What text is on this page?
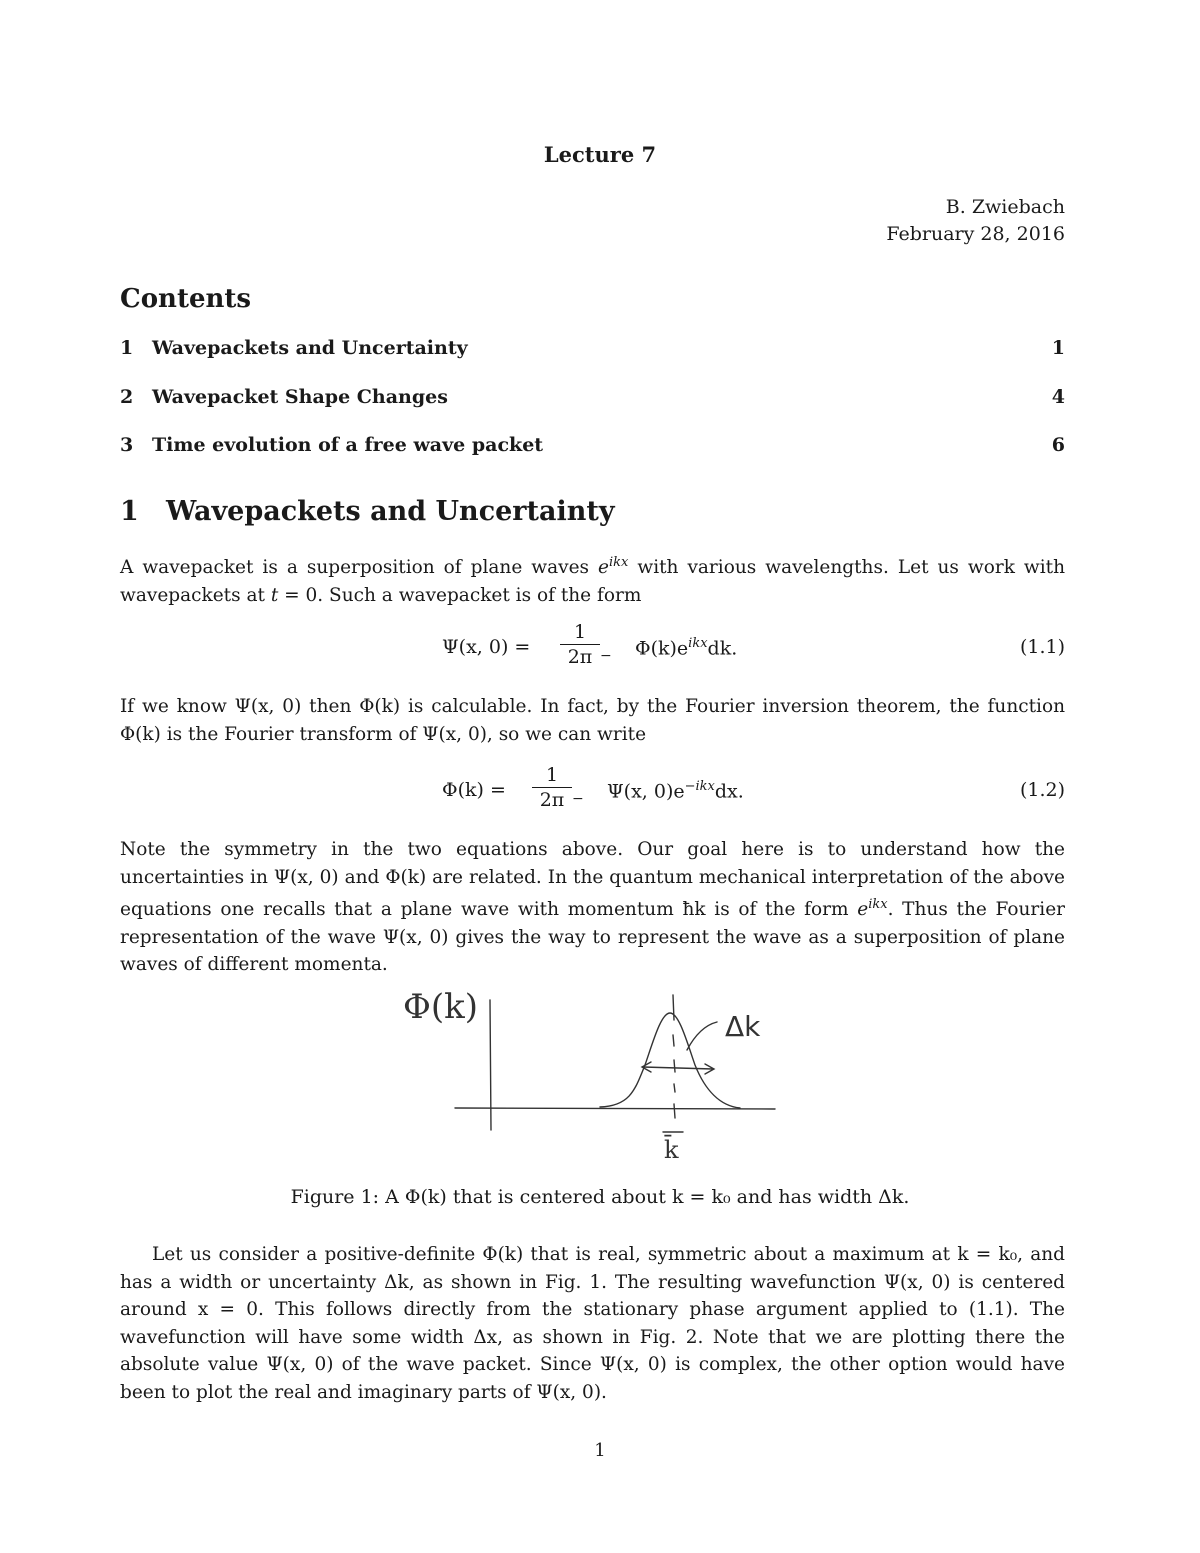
Lecture 7
B. Zwiebach
February 28, 2016
Contents
1 Wavepackets and Uncertainty	1
2 Wavepacket Shape Changes	4
3 Time evolution of a free wave packet	6
1 Wavepackets and Uncertainty
A wavepacket is a superposition of plane waves $e^{ikx}$ with various wavelengths. Let us work with wavepackets at t = 0. Such a wavepacket is of the form
Ψ(x, $0) = \frac{1}{2\pi} - \Phi(k)e^{ikx}dk$.	(1.1)
If we know Ψ(x, 0) then Φ(k) is calculable. In fact, by the Fourier inversion theorem, the function Φ(k) is the Fourier transform of Ψ(x, 0), so we can write
$\Phi(k) = \frac{1}{2\pi} - \Psi(x$, $0)e^{-ikx}dx$.	(1.2)
Note the symmetry in the two equations above. Our goal here is to understand how the uncertainties in Ψ(x, 0) and Φ(k) are related. In the quantum mechanical interpretation of the above equations one recalls that a plane wave with momentum ħk is of the form $e^{ikx}$. Thus the Fourier representation of the wave Ψ(x, 0) gives the way to represent the wave as a superposition of plane waves of different momenta.
Φ(k)	Δk
k̄
Figure 1: A Φ(k) that is centered about k = k₀ and has width Δk.
Let us consider a positive-definite Φ(k) that is real, symmetric about a maximum at k = k₀, and has a width or uncertainty Δk, as shown in Fig. 1. The resulting wavefunction Ψ(x, 0) is centered around x = 0. This follows directly from the stationary phase argument applied to (1.1). The wavefunction will have some width Δx, as shown in Fig. 2. Note that we are plotting there the absolute value Ψ(x, 0) of the wave packet. Since Ψ(x, 0) is complex, the other option would have been to plot the real and imaginary parts of Ψ(x, 0).
1
